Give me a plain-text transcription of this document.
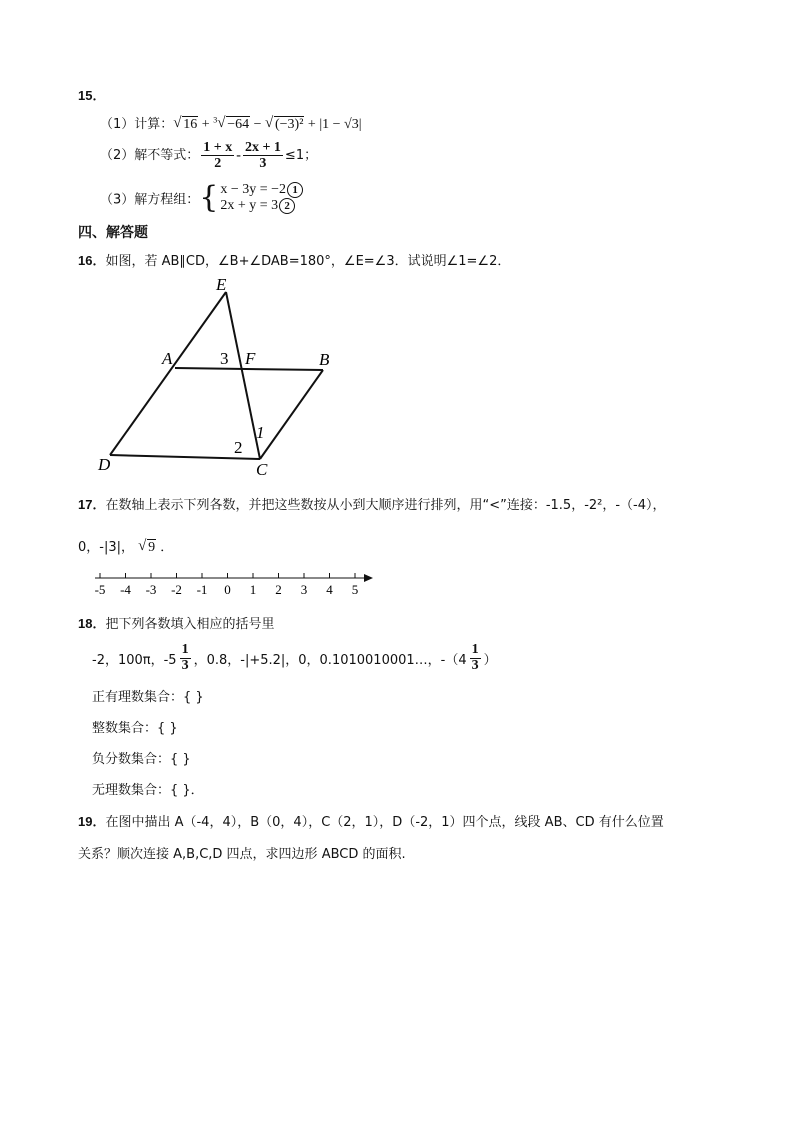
15．
（1）计算： √ 16 + $^3$ √ −64 − √ (−3)² + |1 − √3|
（2）解不等式： $\frac{1 + x}{2} - \frac{2x + 1}{3} \le 1$；
（3）解方程组： { x − 3y = −2 1
2x + y = 3 2
四、解答题
16．如图，若 AB∥CD，∠B+∠DAB=180°，∠E=∠3．试说明∠1=∠2．
E
A	3 F	B
D
2
1
C
17．在数轴上表示下列各数，并把这些数按从小到大顺序进行排列，用“<”连接：-1.5，-2²，-（-4），
0，-|3|， √ 9 ．
-5 -4 -3 -2 -1 0 1 2 3 4 5
18．把下列各数填入相应的括号里
-2，100π，-5
1
3 ，0.8，-|+5.2|，0，0.1010010001…，-（4
1
3 ）
正有理数集合：{ }
整数集合：{ }
负分数集合：{ }
无理数集合：{ }．
19．在图中描出 A（-4，4），B（0，4），C（2，1），D（-2，1）四个点，线段 AB、CD 有什么位置
关系？顺次连接 A,B,C,D 四点，求四边形 ABCD 的面积.
